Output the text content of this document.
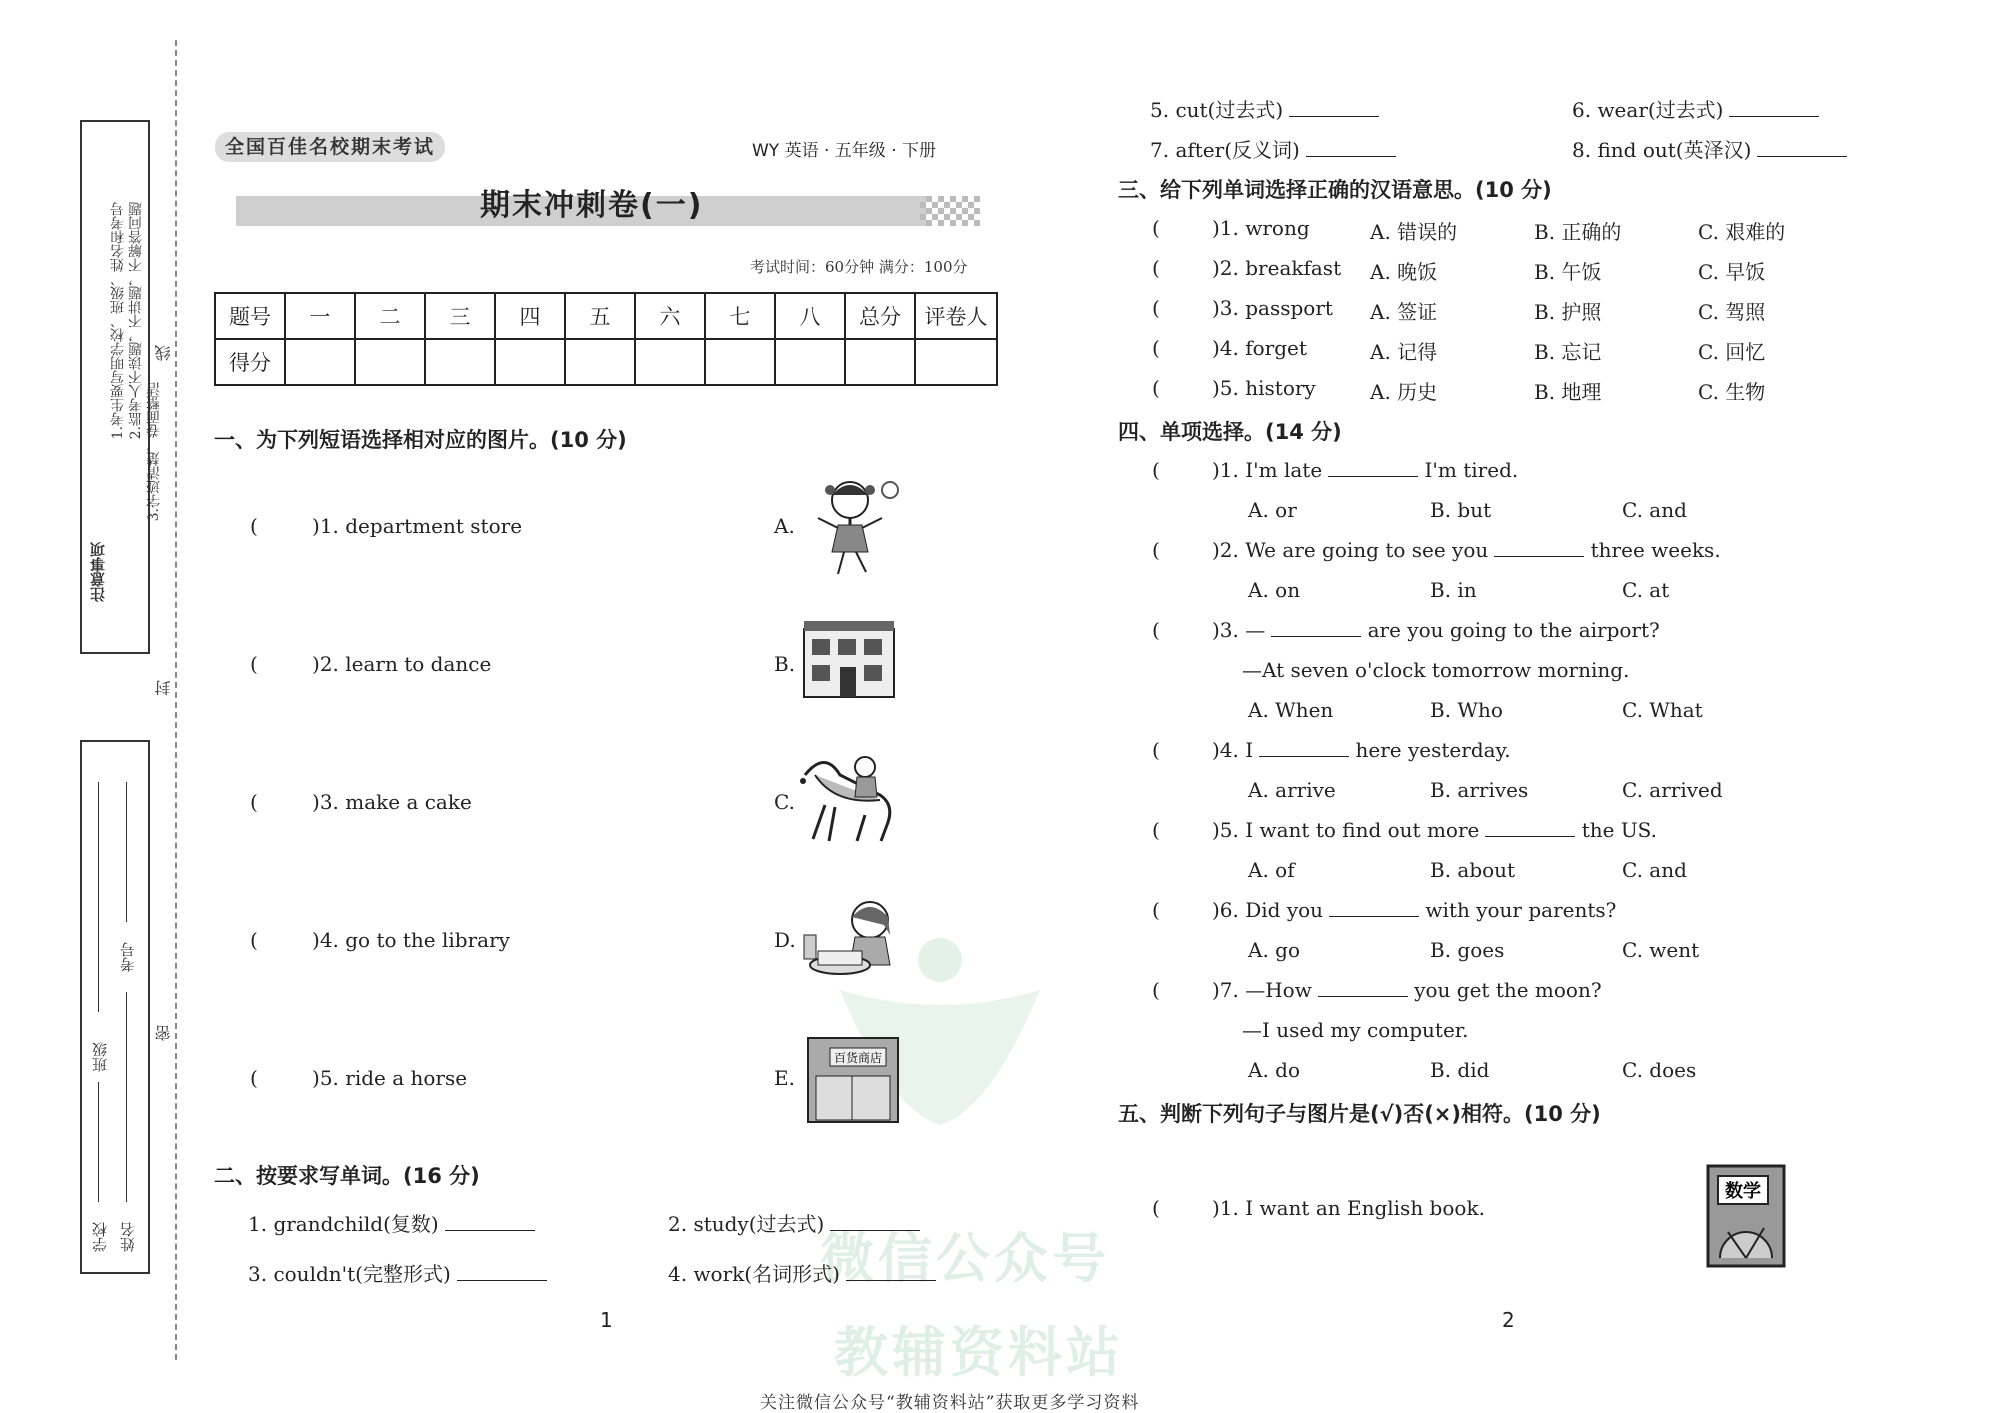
注意事项
1.考生要写明学校、班级、姓名和考号 2.监考人不读题，不讲题，不解答问题
3.字迹清楚，卷面整洁
线
封
密
班级
考号
学校 姓名	微信公众号
教辅资料站
全国百佳名校期末考试	WY 英语 · 五年级 · 下册
期末冲刺卷(一)
考试时间：60分钟 满分：100分
题号	一	二	三	四	五	六	七	八	总分	评卷人
得分										
一、为下列短语选择相对应的图片。(10 分)
(	)1. department store
(	)2. learn to dance
(	)3. make a cake
(	)4. go to the library
(	)5. ride a horse
A.
B.
C.
D.
E.
百货商店
二、按要求写单词。(16 分)
1. grandchild(复数)	2. study(过去式)
3. couldn't(完整形式)	4. work(名词形式)
1
5. cut(过去式)	6. wear(过去式)
7. after(反义词)	8. find out(英泽汉)
三、给下列单词选择正确的汉语意思。(10 分)
(	)1. wrong	A. 错误的	B. 正确的	C. 艰难的
(	)2. breakfast A. 晚饭	B. 午饭	C. 早饭
(	)3. passport A. 签证	B. 护照	C. 驾照
(	)4. forget	A. 记得	B. 忘记	C. 回忆
(	)5. history	A. 历史	B. 地理	C. 生物
四、单项选择。(14 分)
(	)1. I'm late	I'm tired.
A. or	B. but	C. and
(	)2. We are going to see you	three weeks.
A. on	B. in	C. at
(	)3. —	are you going to the airport?
—At seven o'clock tomorrow morning.
A. When	B. Who	C. What
(	)4. I	here yesterday.
A. arrive	B. arrives	C. arrived
(	)5. I want to find out more	the US.
A. of	B. about	C. and
(	)6. Did you	with your parents?
A. go	B. goes	C. went
(	)7. —How	you get the moon?
—I used my computer.
A. do	B. did	C. does
五、判断下列句子与图片是(√)否(×)相符。(10 分)
(	)1. I want an English book.
数学
2
关注微信公众号“教辅资料站”获取更多学习资料
